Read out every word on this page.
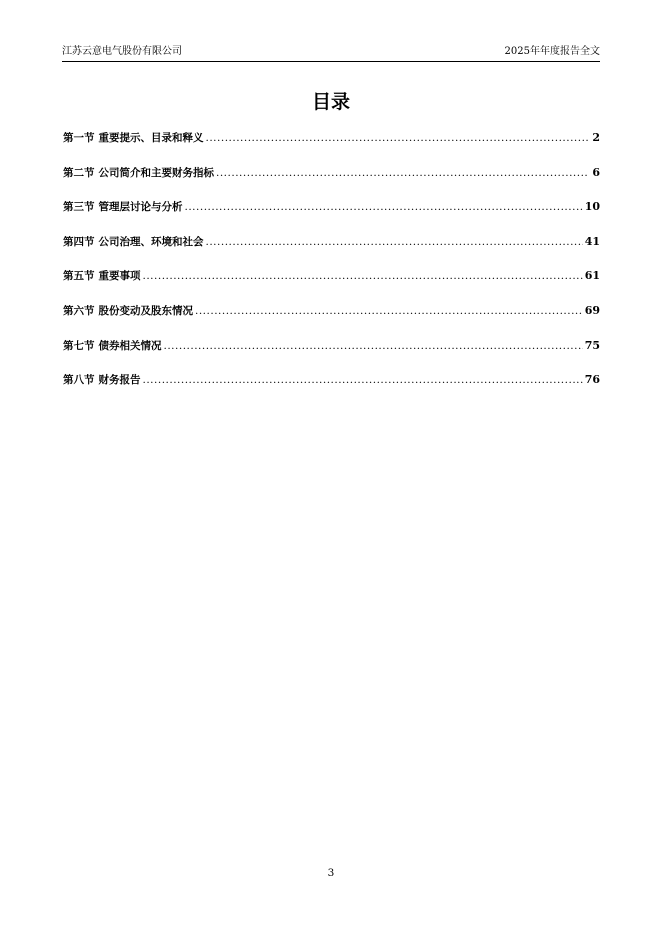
江苏云意电气股份有限公司	2025年年度报告全文
目录
第一节 重要提示、目录和释义 .....	2
第二节 公司简介和主要财务指标 .....	6
第三节 管理层讨论与分析 .....	10
第四节 公司治理、环境和社会 .....	41
第五节 重要事项 .....	61
第六节 股份变动及股东情况 .....	69
第七节 债券相关情况 .....	75
第八节 财务报告 .....	76
3
